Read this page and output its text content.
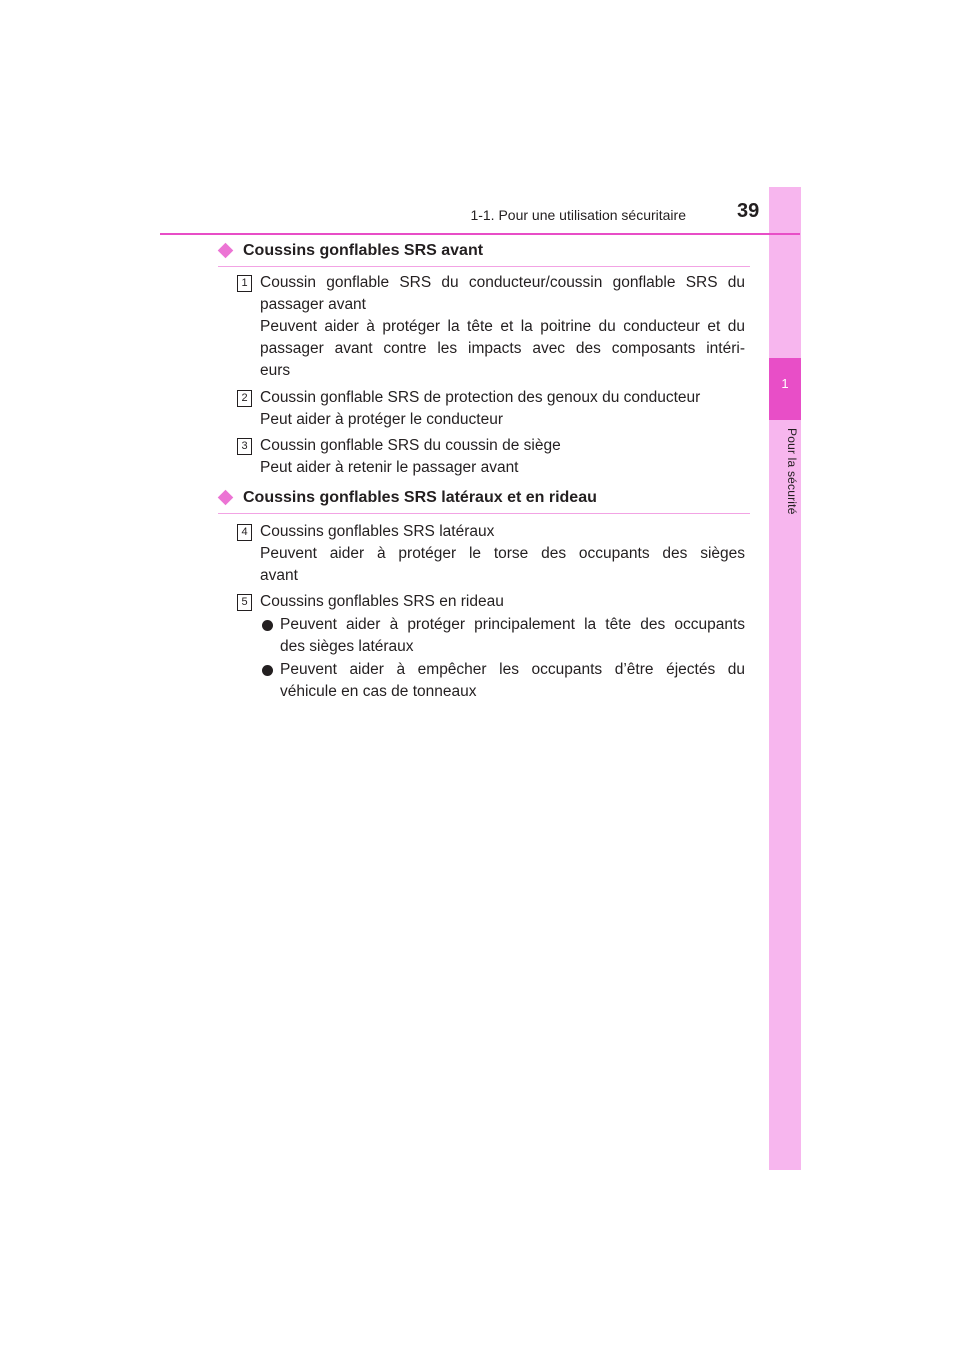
1
Pour la sécurité
1-1. Pour une utilisation sécuritaire	39
Coussins gonflables SRS avant
1 Coussin gonflable SRS du conducteur/coussin gonflable SRS du
passager avant
Peuvent aider à protéger la tête et la poitrine du conducteur et du
passager avant contre les impacts avec des composants intéri-
eurs
2 Coussin gonflable SRS de protection des genoux du conducteur
Peut aider à protéger le conducteur
3 Coussin gonflable SRS du coussin de siège
Peut aider à retenir le passager avant
Coussins gonflables SRS latéraux et en rideau
4 Coussins gonflables SRS latéraux
Peuvent aider à protéger le torse des occupants des sièges
avant
5 Coussins gonflables SRS en rideau
Peuvent aider à protéger principalement la tête des occupants
des sièges latéraux
Peuvent aider à empêcher les occupants d’être éjectés du
véhicule en cas de tonneaux
